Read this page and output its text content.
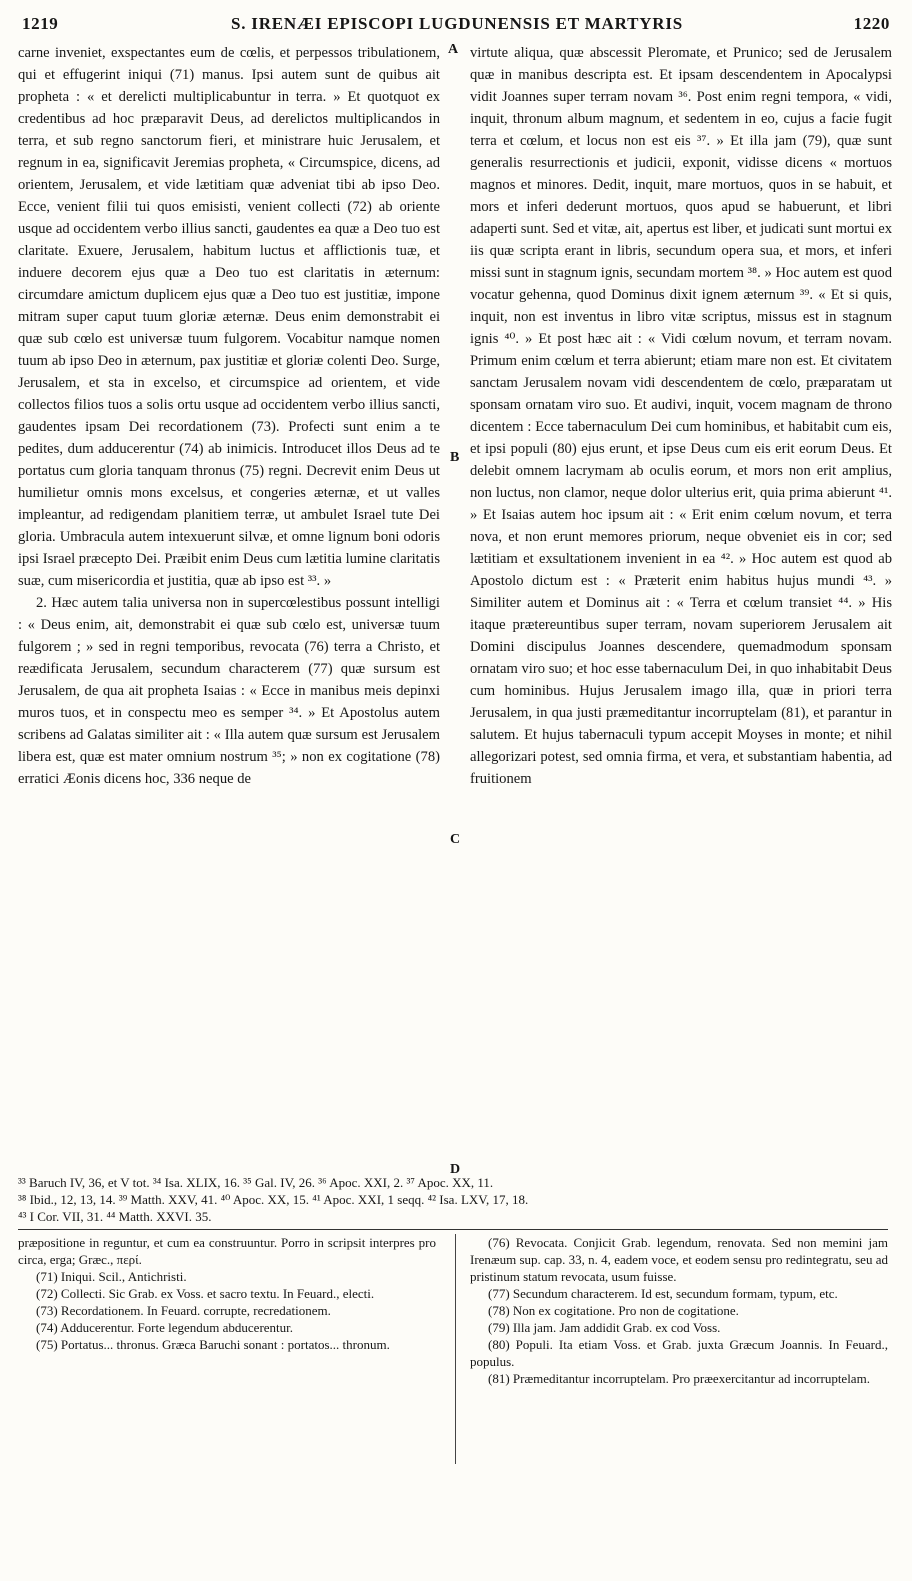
1219	S. IRENÆI EPISCOPI LUGDUNENSIS ET MARTYRIS	1220

carne inveniet, exspectantes eum de cœlis, et perpessos tribulationem, qui et effugerint iniqui (71) manus. Ipsi autem sunt de quibus ait propheta : « et derelicti multiplicabuntur in terra. » Et quotquot ex credentibus ad hoc præparavit Deus, ad derelictos multiplicandos in terra, et sub regno sanctorum fieri, et ministrare huic Jerusalem, et regnum in ea, significavit Jeremias propheta, « Circumspice, dicens, ad orientem, Jerusalem, et vide lætitiam quæ adveniat tibi ab ipso Deo. Ecce, venient filii tui quos emisisti, venient collecti (72) ab oriente usque ad occidentem verbo illius sancti, gaudentes ea quæ a Deo tuo est claritate. Exuere, Jerusalem, habitum luctus et afflictionis tuæ, et induere decorem ejus quæ a Deo tuo est claritatis in æternum: circumdare amictum duplicem ejus quæ a Deo tuo est justitiæ, impone mitram super caput tuum gloriæ æternæ. Deus enim demonstrabit ei quæ sub cœlo est universæ tuum fulgorem. Vocabitur namque nomen tuum ab ipso Deo in æternum, pax justitiæ et gloriæ colenti Deo. Surge, Jerusalem, et sta in excelso, et circumspice ad orientem, et vide collectos filios tuos a solis ortu usque ad occidentem verbo illius sancti, gaudentes ipsam Dei recordationem (73). Profecti sunt enim a te pedites, dum adducerentur (74) ab inimicis. Introducet illos Deus ad te portatus cum gloria tanquam thronus (75) regni. Decrevit enim Deus ut humilietur omnis mons excelsus, et congeries æternæ, et ut valles impleantur, ad redigendam planitiem terræ, ut ambulet Israel tute Dei gloria. Umbracula autem intexuerunt silvæ, et omne lignum boni odoris ipsi Israel præcepto Dei. Præibit enim Deus cum lætitia lumine claritatis suæ, cum misericordia et justitia, quæ ab ipso est ³³. »

2. Hæc autem talia universa non in supercœlestibus possunt intelligi : « Deus enim, ait, demonstrabit ei quæ sub cœlo est, universæ tuum fulgorem ; » sed in regni temporibus, revocata (76) terra a Christo, et reædificata Jerusalem, secundum characterem (77) quæ sursum est Jerusalem, de qua ait propheta Isaias : « Ecce in manibus meis depinxi muros tuos, et in conspectu meo es semper ³⁴. » Et Apostolus autem scribens ad Galatas similiter ait : « Illa autem quæ sursum est Jerusalem libera est, quæ est mater omnium nostrum ³⁵; » non ex cogitatione (78) erratici Æonis dicens hoc, 336 neque de

A
B
C
D

virtute aliqua, quæ abscessit Pleromate, et Prunico; sed de Jerusalem quæ in manibus descripta est. Et ipsam descendentem in Apocalypsi vidit Joannes super terram novam ³⁶. Post enim regni tempora, « vidi, inquit, thronum album magnum, et sedentem in eo, cujus a facie fugit terra et cœlum, et locus non est eis ³⁷. » Et illa jam (79), quæ sunt generalis resurrectionis et judicii, exponit, vidisse dicens « mortuos magnos et minores. Dedit, inquit, mare mortuos, quos in se habuit, et mors et inferi dederunt mortuos, quos apud se habuerunt, et libri adaperti sunt. Sed et vitæ, ait, apertus est liber, et judicati sunt mortui ex iis quæ scripta erant in libris, secundum opera sua, et mors, et inferi missi sunt in stagnum ignis, secundam mortem ³⁸. » Hoc autem est quod vocatur gehenna, quod Dominus dixit ignem æternum ³⁹. « Et si quis, inquit, non est inventus in libro vitæ scriptus, missus est in stagnum ignis ⁴⁰. » Et post hæc ait : « Vidi cœlum novum, et terram novam. Primum enim cœlum et terra abierunt; etiam mare non est. Et civitatem sanctam Jerusalem novam vidi descendentem de cœlo, præparatam ut sponsam ornatam viro suo. Et audivi, inquit, vocem magnam de throno dicentem : Ecce tabernaculum Dei cum hominibus, et habitabit cum eis, et ipsi populi (80) ejus erunt, et ipse Deus cum eis erit eorum Deus. Et delebit omnem lacrymam ab oculis eorum, et mors non erit amplius, non luctus, non clamor, neque dolor ulterius erit, quia prima abierunt ⁴¹. » Et Isaias autem hoc ipsum ait : « Erit enim cœlum novum, et terra nova, et non erunt memores priorum, neque obveniet eis in cor; sed lætitiam et exsultationem invenient in ea ⁴². » Hoc autem est quod ab Apostolo dictum est : « Præterit enim habitus hujus mundi ⁴³. » Similiter autem et Dominus ait : « Terra et cœlum transiet ⁴⁴. » His itaque prætereuntibus super terram, novam superiorem Jerusalem ait Domini discipulus Joannes descendere, quemadmodum sponsam ornatam viro suo; et hoc esse tabernaculum Dei, in quo inhabitabit Deus cum hominibus. Hujus Jerusalem imago illa, quæ in priori terra Jerusalem, in qua justi præmeditantur incorruptelam (81), et parantur in salutem. Et hujus tabernaculi typum accepit Moyses in monte; et nihil allegorizari potest, sed omnia firma, et vera, et substantiam habentia, ad fruitionem

³³ Baruch IV, 36, et V tot. ³⁴ Isa. XLIX, 16. ³⁵ Gal. IV, 26. ³⁶ Apoc. XXI, 2. ³⁷ Apoc. XX, 11.

³⁸ Ibid., 12, 13, 14. ³⁹ Matth. XXV, 41. ⁴⁰ Apoc. XX, 15. ⁴¹ Apoc. XXI, 1 seqq. ⁴² Isa. LXV, 17, 18.

⁴³ I Cor. VII, 31. ⁴⁴ Matth. XXVI. 35.

præpositione in reguntur, et cum ea construuntur. Porro in scripsit interpres pro circa, erga; Græc., περί.

(71) Iniqui. Scil., Antichristi.

(72) Collecti. Sic Grab. ex Voss. et sacro textu. In Feuard., electi.

(73) Recordationem. In Feuard. corrupte, recredationem.

(74) Adducerentur. Forte legendum abducerentur.

(75) Portatus... thronus. Græca Baruchi sonant : portatos... thronum.

(76) Revocata. Conjicit Grab. legendum, renovata. Sed non memini jam Irenæum sup. cap. 33, n. 4, eadem voce, et eodem sensu pro redintegratu, seu ad pristinum statum revocata, usum fuisse.

(77) Secundum characterem. Id est, secundum formam, typum, etc.

(78) Non ex cogitatione. Pro non de cogitatione.

(79) Illa jam. Jam addidit Grab. ex cod Voss.

(80) Populi. Ita etiam Voss. et Grab. juxta Græcum Joannis. In Feuard., populus.

(81) Præmeditantur incorruptelam. Pro præexercitantur ad incorruptelam.
